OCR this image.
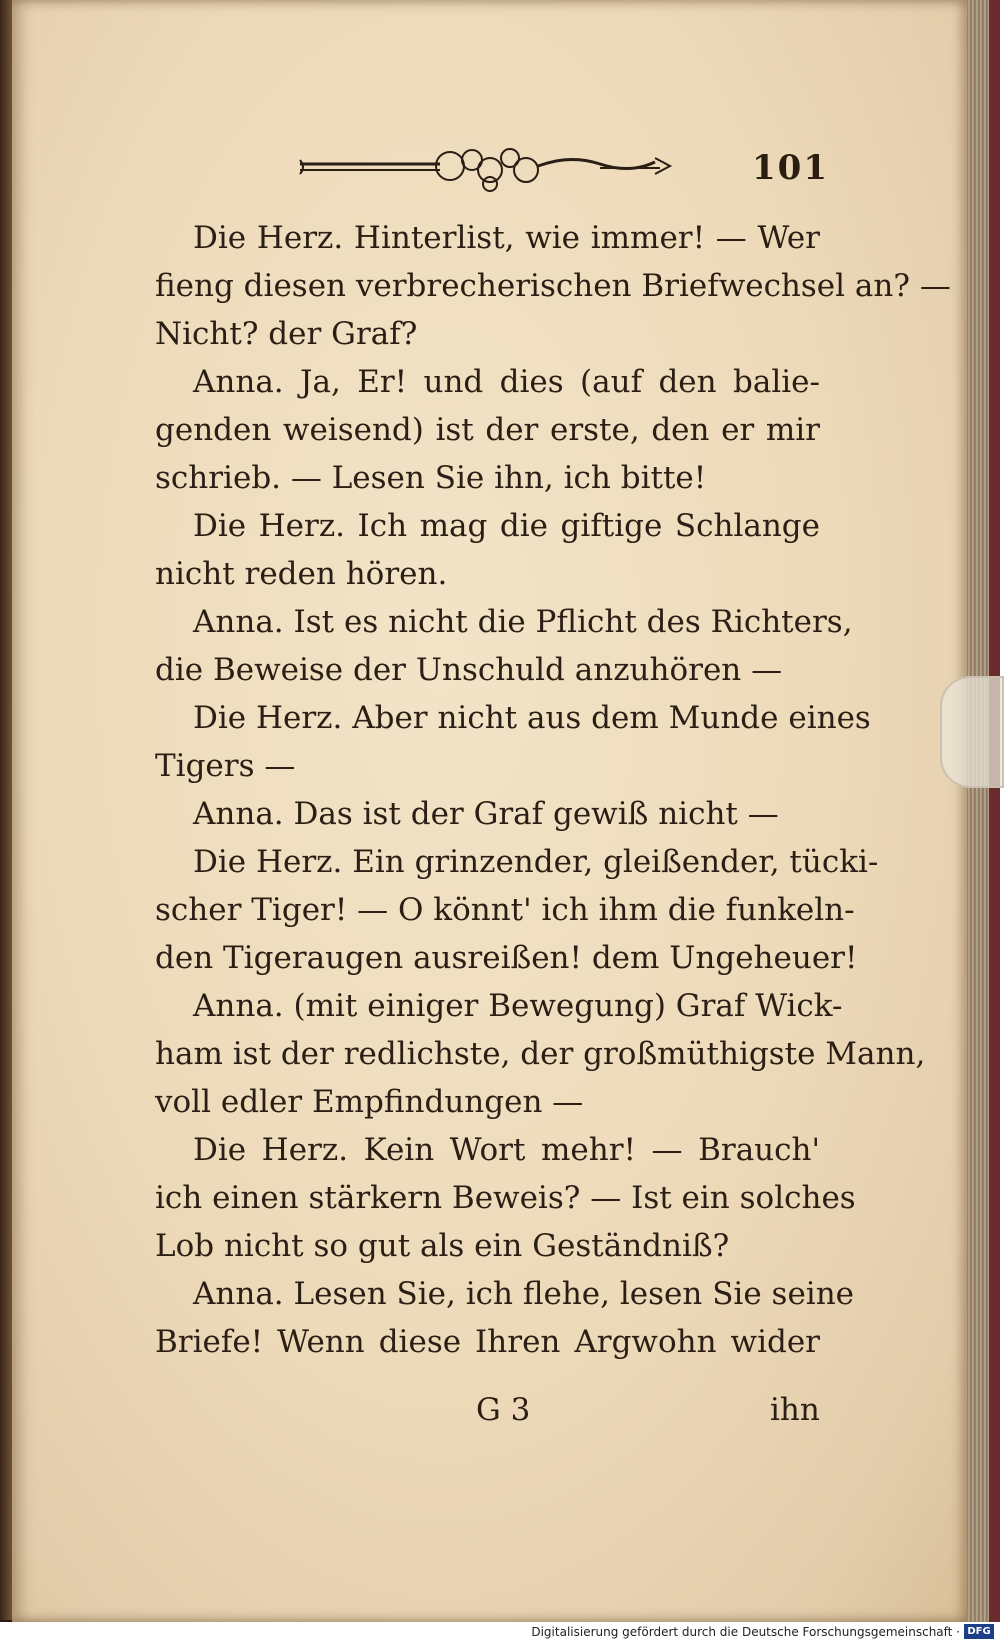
101
Die Herz. Hinterlist, wie immer! — Wer
fieng diesen verbrecherischen Briefwechsel an? —
Nicht? der Graf?
Anna. Ja, Er! und dies (auf den balie-
genden weisend) ist der erste, den er mir
schrieb. — Lesen Sie ihn, ich bitte!
Die Herz. Ich mag die giftige Schlange
nicht reden hören.
Anna. Ist es nicht die Pflicht des Richters,
die Beweise der Unschuld anzuhören —
Die Herz. Aber nicht aus dem Munde eines
Tigers —
Anna. Das ist der Graf gewiß nicht —
Die Herz. Ein grinzender, gleißender, tücki-
scher Tiger! — O könnt' ich ihm die funkeln-
den Tigeraugen ausreißen! dem Ungeheuer!
Anna. (mit einiger Bewegung) Graf Wick-
ham ist der redlichste, der großmüthigste Mann,
voll edler Empfindungen —
Die Herz. Kein Wort mehr! — Brauch'
ich einen stärkern Beweis? — Ist ein solches
Lob nicht so gut als ein Geständniß?
Anna. Lesen Sie, ich flehe, lesen Sie seine
Briefe! Wenn diese Ihren Argwohn wider
G 3	ihn
Digitalisierung gefördert durch die Deutsche Forschungsgemeinschaft · DFG
